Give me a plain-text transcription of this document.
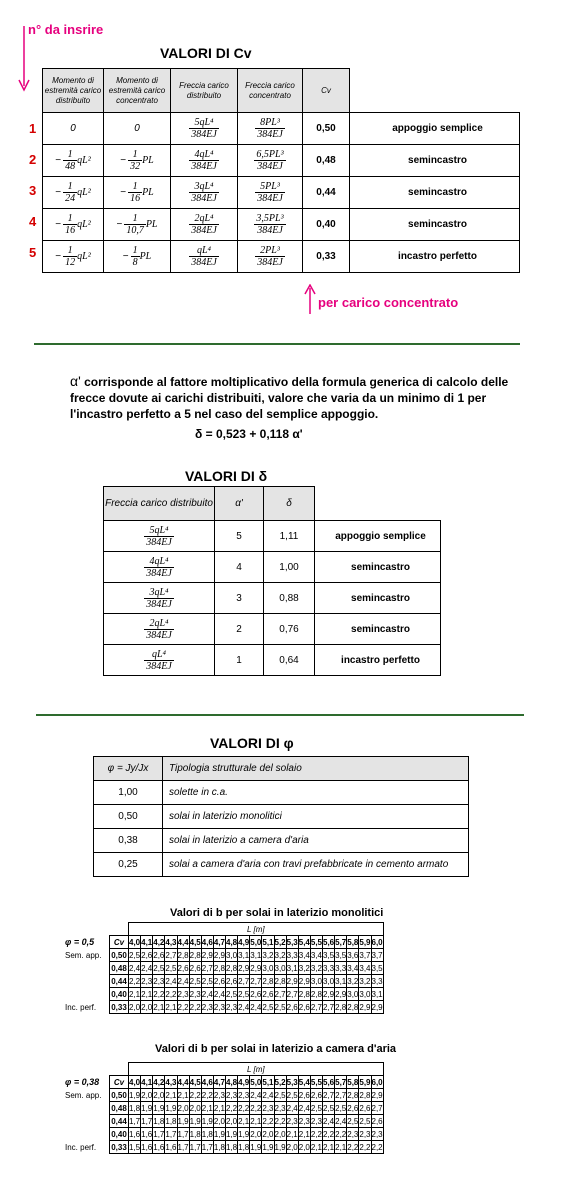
n° da insrire
VALORI DI Cv
Momento di estremità carico distribuito	Momento di estremità carico concentrato	Freccia carico distribuito	Freccia carico concentrato	Cv	
0	0	$\frac{\text{5qL⁴}}{384EJ}$	$\frac{\text{8PL³}}{384EJ}$	0,50	appoggio semplice
− $\frac{1}{48} qL^2$	− $\frac{1}{32}$ PL	$\frac{\text{4qL⁴}}{384EJ}$	$\frac{\text{6,5PL³}}{384EJ}$	0,48	semincastro
− $\frac{1}{24} qL^2$	− $\frac{1}{16}$ PL	$\frac{\text{3qL⁴}}{384EJ}$	$\frac{\text{5PL³}}{384EJ}$	0,44	semincastro
− $\frac{1}{16} qL^2$	− $\frac{1}{10,7}$ PL	$\frac{\text{2qL⁴}}{384EJ}$	$\frac{\text{3,5PL³}}{384EJ}$	0,40	semincastro
− $\frac{1}{12} qL^2$	− $\frac{1}{8}$ PL	$\frac{\text{qL⁴}}{384EJ}$	$\frac{\text{2PL³}}{384EJ}$	0,33	incastro perfetto
1
2
3
4
5
per carico concentrato
α' corrisponde al fattore moltiplicativo della formula generica di calcolo delle frecce dovute ai carichi distribuiti, valore che varia da un minimo di 1 per l'incastro perfetto a 5 nel caso del semplice appoggio.
δ = 0,523 + 0,118 α'
VALORI DI δ
Freccia carico distribuito	α'	δ	

$\frac{\text{5qL⁴}}{384EJ}$	5	1,11	appoggio semplice

$\frac{\text{4qL⁴}}{384EJ}$	4	1,00	semincastro

$\frac{\text{3qL⁴}}{384EJ}$	3	0,88	semincastro

$\frac{\text{2qL⁴}}{384EJ}$	2	0,76	semincastro

$\frac{\text{qL⁴}}{384EJ}$	1	0,64	incastro perfetto
VALORI DI φ
φ = Jy/Jx	Tipologia strutturale del solaio
1,00	solette in c.a.
0,50	solai in laterizio monolitici
0,38	solai in laterizio a camera d'aria
0,25	solai a camera d'aria con travi prefabbricate in cemento armato
Valori di b per solai in laterizio monolitici
		L [m]																				
φ = 0,5	Cv	4,0	4,1	4,2	4,3	4,4	4,5	4,6	4,7	4,8	4,9	5,0	5,1	5,2	5,3	5,4	5,5	5,6	5,7	5,8	5,9	6,0
Sem. app.	0,50	2,5	2,6	2,6	2,7	2,8	2,8	2,9	2,9	3,0	3,1	3,1	3,2	3,2	3,3	3,4	3,4	3,5	3,5	3,6	3,7	3,7
	0,48	2,4	2,4	2,5	2,5	2,6	2,6	2,7	2,8	2,8	2,9	2,9	3,0	3,0	3,1	3,2	3,2	3,3	3,3	3,4	3,4	3,5
	0,44	2,2	2,3	2,3	2,4	2,4	2,5	2,5	2,6	2,6	2,7	2,7	2,8	2,8	2,9	2,9	3,0	3,0	3,1	3,2	3,2	3,3
	0,40	2,1	2,1	2,2	2,2	2,3	2,3	2,4	2,4	2,5	2,5	2,6	2,6	2,7	2,7	2,8	2,8	2,9	2,9	3,0	3,0	3,1
Inc. perf.	0,33	2,0	2,0	2,1	2,1	2,2	2,2	2,3	2,3	2,3	2,4	2,4	2,5	2,5	2,6	2,6	2,7	2,7	2,8	2,8	2,9	2,9
Valori di b per solai in laterizio a camera d'aria
		L [m]																				
φ = 0,38	Cv	4,0	4,1	4,2	4,3	4,4	4,5	4,6	4,7	4,8	4,9	5,0	5,1	5,2	5,3	5,4	5,5	5,6	5,7	5,8	5,9	6,0
Sem. app.	0,50	1,9	2,0	2,0	2,1	2,1	2,2	2,2	2,3	2,3	2,3	2,4	2,4	2,5	2,5	2,6	2,6	2,7	2,7	2,8	2,8	2,9
	0,48	1,8	1,9	1,9	1,9	2,0	2,0	2,1	2,1	2,2	2,2	2,2	2,3	2,3	2,4	2,4	2,5	2,5	2,5	2,6	2,6	2,7
	0,44	1,7	1,7	1,8	1,8	1,9	1,9	1,9	2,0	2,0	2,1	2,1	2,2	2,2	2,3	2,3	2,3	2,4	2,4	2,5	2,5	2,6
	0,40	1,6	1,6	1,7	1,7	1,7	1,8	1,8	1,9	1,9	1,9	2,0	2,0	2,0	2,1	2,1	2,2	2,2	2,2	2,3	2,3	2,3
Inc. perf.	0,33	1,5	1,6	1,6	1,6	1,7	1,7	1,7	1,8	1,8	1,8	1,9	1,9	1,9	2,0	2,0	2,1	2,1	2,1	2,2	2,2	2,2
